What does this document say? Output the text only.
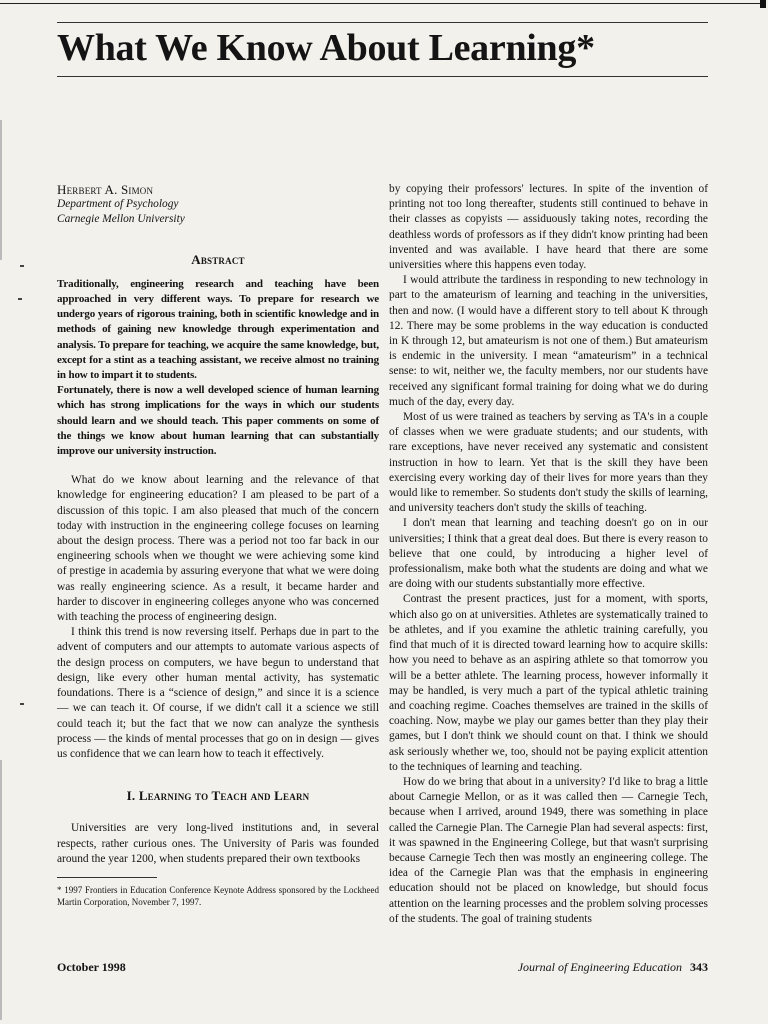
What We Know About Learning*
Herbert A. Simon
Department of Psychology
Carnegie Mellon University
Abstract

Traditionally, engineering research and teaching have been approached in very different ways. To prepare for research we undergo years of rigorous training, both in scientific knowledge and in methods of gaining new knowledge through experimentation and analysis. To prepare for teaching, we acquire the same knowledge, but, except for a stint as a teaching assistant, we receive almost no training in how to impart it to students.

Fortunately, there is now a well developed science of human learning which has strong implications for the ways in which our students should learn and we should teach. This paper comments on some of the things we know about human learning that can substantially improve our university instruction.

What do we know about learning and the relevance of that knowledge for engineering education? I am pleased to be part of a discussion of this topic. I am also pleased that much of the concern today with instruction in the engineering college focuses on learning about the design process. There was a period not too far back in our engineering schools when we thought we were achieving some kind of prestige in academia by assuring everyone that what we were doing was really engineering science. As a result, it became harder and harder to discover in engineering colleges anyone who was concerned with teaching the process of engineering design.

I think this trend is now reversing itself. Perhaps due in part to the advent of computers and our attempts to automate various aspects of the design process on computers, we have begun to understand that design, like every other human mental activity, has systematic foundations. There is a “science of design,” and since it is a science — we can teach it. Of course, if we didn't call it a science we still could teach it; but the fact that we now can analyze the synthesis process — the kinds of mental processes that go on in design — gives us confidence that we can learn how to teach it effectively.

I. Learning to Teach and Learn

Universities are very long-lived institutions and, in several respects, rather curious ones. The University of Paris was founded around the year 1200, when students prepared their own textbooks

* 1997 Frontiers in Education Conference Keynote Address sponsored by the Lockheed Martin Corporation, November 7, 1997.

by copying their professors' lectures. In spite of the invention of printing not too long thereafter, students still continued to behave in their classes as copyists — assiduously taking notes, recording the deathless words of professors as if they didn't know printing had been invented and was available. I have heard that there are some universities where this happens even today.

I would attribute the tardiness in responding to new technology in part to the amateurism of learning and teaching in the universities, then and now. (I would have a different story to tell about K through 12. There may be some problems in the way education is conducted in K through 12, but amateurism is not one of them.) But amateurism is endemic in the university. I mean “amateurism” in a technical sense: to wit, neither we, the faculty members, nor our students have received any significant formal training for doing what we do during much of the day, every day.

Most of us were trained as teachers by serving as TA's in a couple of classes when we were graduate students; and our students, with rare exceptions, have never received any systematic and consistent instruction in how to learn. Yet that is the skill they have been exercising every working day of their lives for more years than they would like to remember. So students don't study the skills of learning, and university teachers don't study the skills of teaching.

I don't mean that learning and teaching doesn't go on in our universities; I think that a great deal does. But there is every reason to believe that one could, by introducing a higher level of professionalism, make both what the students are doing and what we are doing with our students substantially more effective.

Contrast the present practices, just for a moment, with sports, which also go on at universities. Athletes are systematically trained to be athletes, and if you examine the athletic training carefully, you find that much of it is directed toward learning how to acquire skills: how you need to behave as an aspiring athlete so that tomorrow you will be a better athlete. The learning process, however informally it may be handled, is very much a part of the typical athletic training and coaching regime. Coaches themselves are trained in the skills of coaching. Now, maybe we play our games better than they play their games, but I don't think we should count on that. I think we should ask seriously whether we, too, should not be paying explicit attention to the techniques of learning and teaching.

How do we bring that about in a university? I'd like to brag a little about Carnegie Mellon, or as it was called then — Carnegie Tech, because when I arrived, around 1949, there was something in place called the Carnegie Plan. The Carnegie Plan had several aspects: first, it was spawned in the Engineering College, but that wasn't surprising because Carnegie Tech then was mostly an engineering college. The idea of the Carnegie Plan was that the emphasis in engineering education should not be placed on knowledge, but should focus attention on the learning processes and the problem solving processes of the students. The goal of training students

October 1998	Journal of Engineering Education 343
